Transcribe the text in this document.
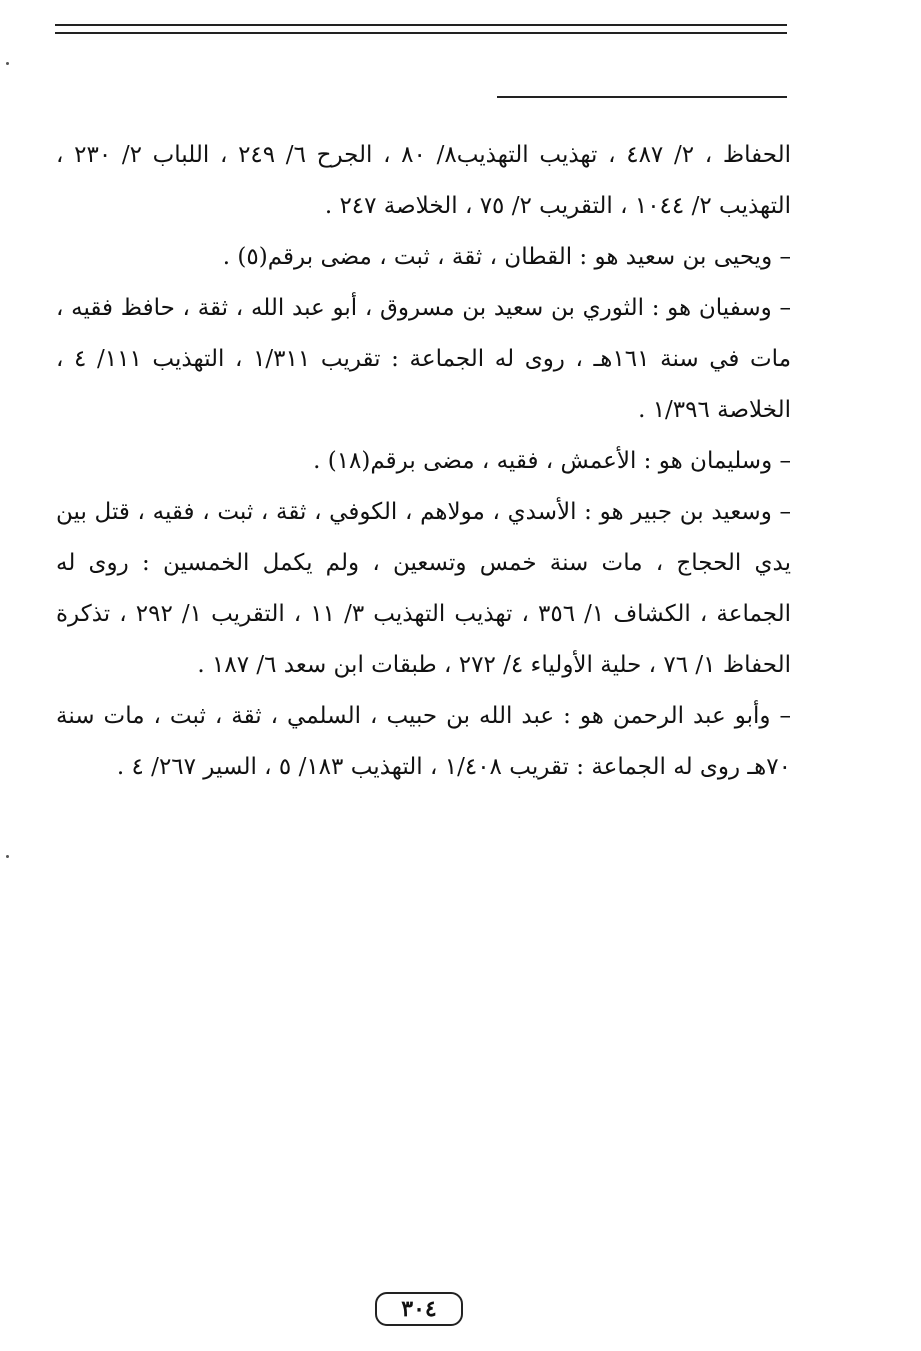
الحفاظ ، ٢/ ٤٨٧ ، تهذيب التهذيب٨/ ٨٠ ، الجرح ٦/ ٢٤٩ ، اللباب ٢/ ٢٣٠ ، التهذيب ٢/ ١٠٤٤ ، التقريب ٢/ ٧٥ ، الخلاصة ٢٤٧ .

– ويحيى بن سعيد هو : القطان ، ثقة ، ثبت ، مضى برقم(٥) .

– وسفيان هو : الثوري بن سعيد بن مسروق ، أبو عبد الله ، ثقة ، حافظ فقيه ، مات في سنة ١٦١هـ ، روى له الجماعة : تقريب ١/٣١١ ، التهذيب ١١١/ ٤ ، الخلاصة ١/٣٩٦ .

– وسليمان هو : الأعمش ، فقيه ، مضى برقم(١٨) .

– وسعيد بن جبير هو : الأسدي ، مولاهم ، الكوفي ، ثقة ، ثبت ، فقيه ، قتل بين يدي الحجاج ، مات سنة خمس وتسعين ، ولم يكمل الخمسين : روى له الجماعة ، الكشاف ١/ ٣٥٦ ، تهذيب التهذيب ٣/ ١١ ، التقريب ١/ ٢٩٢ ، تذكرة الحفاظ ١/ ٧٦ ، حلية الأولياء ٤/ ٢٧٢ ، طبقات ابن سعد ٦/ ١٨٧ .

– وأبو عبد الرحمن هو : عبد الله بن حبيب ، السلمي ، ثقة ، ثبت ، مات سنة ٧٠هـ روى له الجماعة : تقريب ١/٤٠٨ ، التهذيب ١٨٣/ ٥ ، السير ٢٦٧/ ٤ .

٣٠٤
